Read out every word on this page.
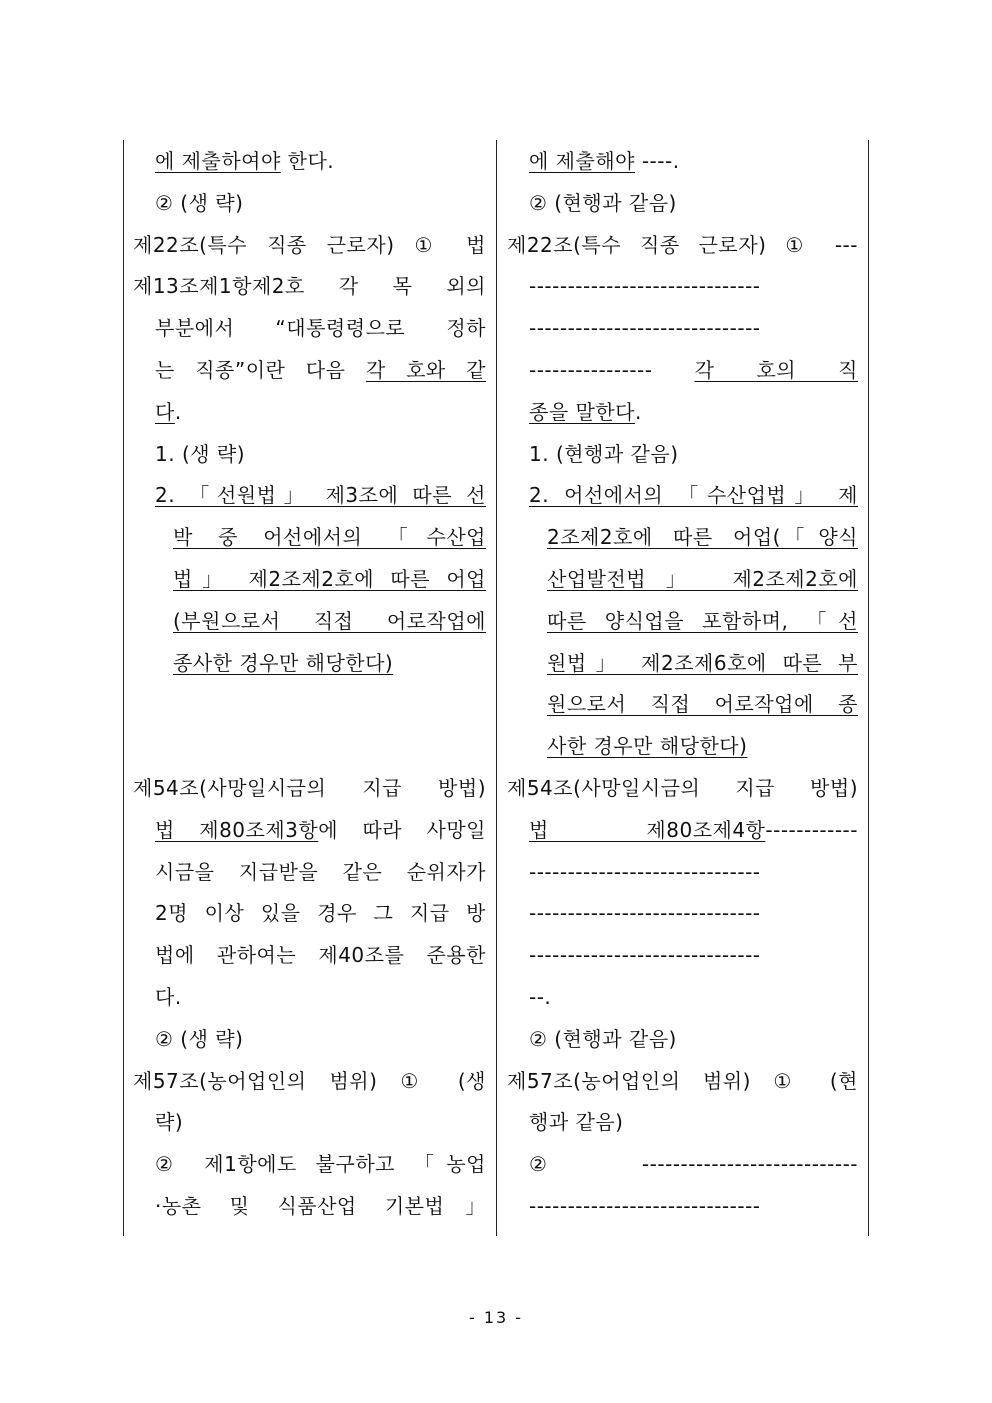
에 제출하여야 한다.
② (생 략)
제22조(특수 직종 근로자) ① 법
제13조제1항제2호 각 목 외의
부분에서 “대통령령으로 정하
는 직종”이란 다음 각 호와 같
다.
1. (생 략)
2. 「선원법」 제3조에 따른 선
박 중 어선에서의 「수산업
법」 제2조제2호에 따른 어업
(부원으로서 직접 어로작업에
종사한 경우만 해당한다)
제54조(사망일시금의 지급 방법)
법 제80조제3항에 따라 사망일
시금을 지급받을 같은 순위자가
2명 이상 있을 경우 그 지급 방
법에 관하여는 제40조를 준용한
다.
② (생 략)
제57조(농어업인의 범위) ① (생
략)
② 제1항에도 불구하고 「농업
·농촌 및 식품산업 기본법」
에 제출해야 ----.
② (현행과 같음)
제22조(특수 직종 근로자) ① ---
------------------------------
------------------------------
---------------- 각 호의 직
종을 말한다.
1. (현행과 같음)
2. 어선에서의 「수산업법」 제
2조제2호에 따른 어업(「양식
산업발전법」 제2조제2호에
따른 양식업을 포함하며, 「선
원법」 제2조제6호에 따른 부
원으로서 직접 어로작업에 종
사한 경우만 해당한다)
제54조(사망일시금의 지급 방법)
법 제80조제4항------------
------------------------------
------------------------------
------------------------------
--.
② (현행과 같음)
제57조(농어업인의 범위) ① (현
행과 같음)
② ----------------------------
------------------------------
- 13 -
